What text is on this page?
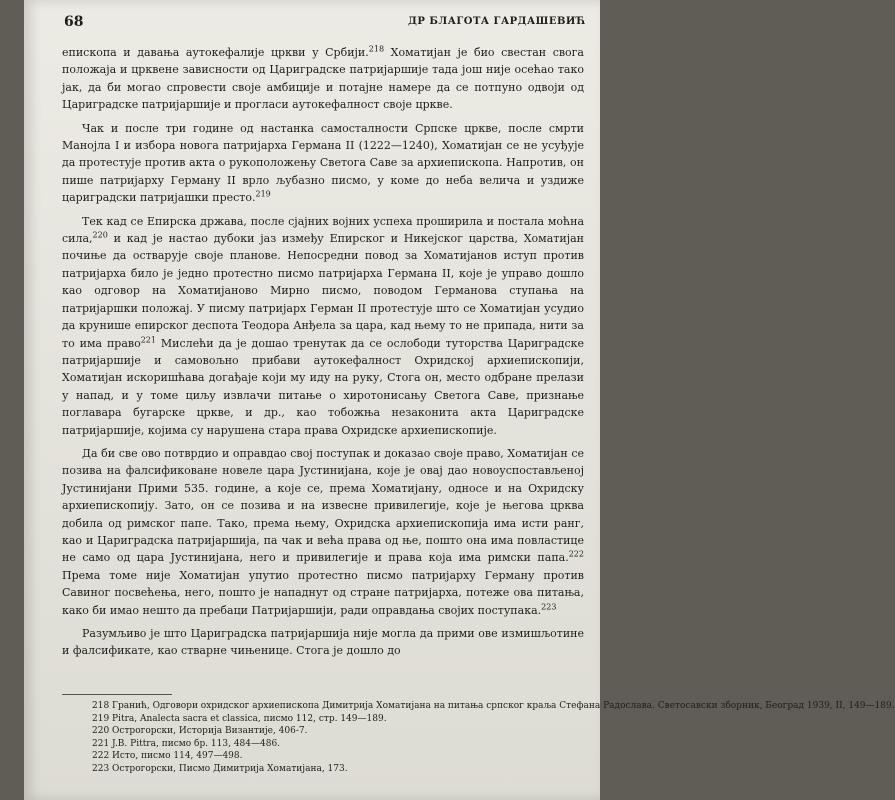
68	ДР БЛАГОТА ГАРДАШЕВИЋ

епископа и давања аутокефалије цркви у Србији.$^{218}$ Хоматијан је био свестан свога положаја и црквене зависности од Цариградске патријаршије тада још није осећао тако јак, да би могао спровести своје амбиције и потајне намере да се потпуно одвоји од Цариградске патријаршије и прогласи аутокефалност своје цркве.

Чак и после три године од настанка самосталности Српске цркве, после смрти Манојла I и избора новога патријарха Германа II (1222—1240), Хоматијан се не усуђује да протестује против акта о рукоположењу Светога Саве за архиепископа. Напротив, он пише патријарху Герману II врло љубазно писмо, у коме до неба велича и уздиже цариградски патријашки престо.$^{219}$

Тек кад се Епирска држава, после сјајних војних успеха проширила и постала моћна сила,$^{220}$ и кад је настао дубоки јаз између Епирског и Никејског царства, Хоматијан почиње да остварује своје планове. Непосредни повод за Хоматијанов иступ против патријарха било је једно протестно писмо патријарха Германа II, које је управо дошло као одговор на Хоматијаново Мирно писмо, поводом Германова ступања на патријаршки положај. У писму патријарх Герман II протестује што се Хоматијан усудио да крунише епирског деспота Теодора Анђела за цара, кад њему то не припада, нити за то има право$^{221}$ Мислећи да је дошао тренутак да се ослободи туторства Цариградске патријаршије и самовољно прибави аутокефалност Охридској архиепископији, Хоматијан искоришћава догађаје који му иду на руку, Стога он, место одбране прелази у напад, и у томе циљу извлачи питање о хиротонисању Светога Саве, признање поглавара бугарске цркве, и др., као тобожња незаконита акта Цариградске патријаршије, којима су нарушена стара права Охридске архиепископије.

Да би све ово потврдио и оправдао свој поступак и доказао своје право, Хоматијан се позива на фалсификоване новеле цара Јустинијана, које је овај дао новоуспостављеној Јустинијани Прими 535. године, а које се, према Хоматијану, односе и на Охридску архиепископију. Зато, он се позива и на извесне привилегије, које је његова црква добила од римског папе. Тако, према њему, Охридска архиепископија има исти ранг, као и Цариградска патријаршија, па чак и већа права од ње, пошто она има повластице не само од цара Јустинијана, него и привилегије и права која има римски папа.$^{222}$ Према томе није Хоматијан упутио протестно писмо патријарху Герману против Савиног посвећења, него, пошто је нападнут од стране патријарха, потеже ова питања, како би имао нешто да пребаци Патријаршији, ради оправдања својих поступака.$^{223}$

Разумљиво је што Цариградска патријаршија није могла да прими ове измишљотине и фалсификате, као стварне чињенице. Стога је дошло до

218 Грaнић, Одговори охридског архиепископа Димитрија Хоматијана на питања српског краља Стефана Радослава. Светосавски зборник, Београд 1939, II, 149—189.
219 Pitra, Analecta sacra et classica, писмо 112, стр. 149—189.
220 Острогорски, Историја Византије, 406-7.
221 J.B. Pittra, писмо бр. 113, 484—486.
222 Исто, писмо 114, 497—498.
223 Острогорски, Писмо Димитрија Хоматијана, 173.
